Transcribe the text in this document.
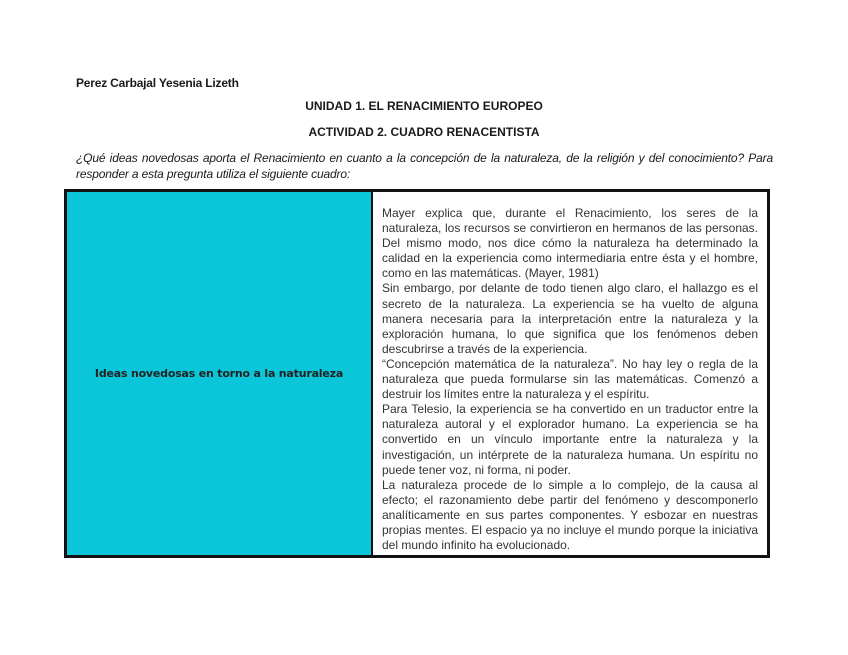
Perez Carbajal Yesenia Lizeth
UNIDAD 1. EL RENACIMIENTO EUROPEO
ACTIVIDAD 2. CUADRO RENACENTISTA
¿Qué ideas novedosas aporta el Renacimiento en cuanto a la concepción de la naturaleza, de la religión y del conocimiento? Para responder a esta pregunta utiliza el siguiente cuadro:
Ideas novedosas en torno a la naturaleza

Mayer explica que, durante el Renacimiento, los seres de la naturaleza, los recursos se convirtieron en hermanos de las personas. Del mismo modo, nos dice cómo la naturaleza ha determinado la calidad en la experiencia como intermediaria entre ésta y el hombre, como en las matemáticas. (Mayer, 1981)

Sin embargo, por delante de todo tienen algo claro, el hallazgo es el secreto de la naturaleza. La experiencia se ha vuelto de alguna manera necesaria para la interpretación entre la naturaleza y la exploración humana, lo que significa que los fenómenos deben descubrirse a través de la experiencia.

“Concepción matemática de la naturaleza”. No hay ley o regla de la naturaleza que pueda formularse sin las matemáticas. Comenzó a destruir los límites entre la naturaleza y el espíritu.

Para Telesio, la experiencia se ha convertido en un traductor entre la naturaleza autoral y el explorador humano. La experiencia se ha convertido en un vínculo importante entre la naturaleza y la investigación, un intérprete de la naturaleza humana. Un espíritu no puede tener voz, ni forma, ni poder.

La naturaleza procede de lo simple a lo complejo, de la causa al efecto; el razonamiento debe partir del fenómeno y descomponerlo analíticamente en sus partes componentes. Y esbozar en nuestras propias mentes. El espacio ya no incluye el mundo porque la iniciativa del mundo infinito ha evolucionado.
